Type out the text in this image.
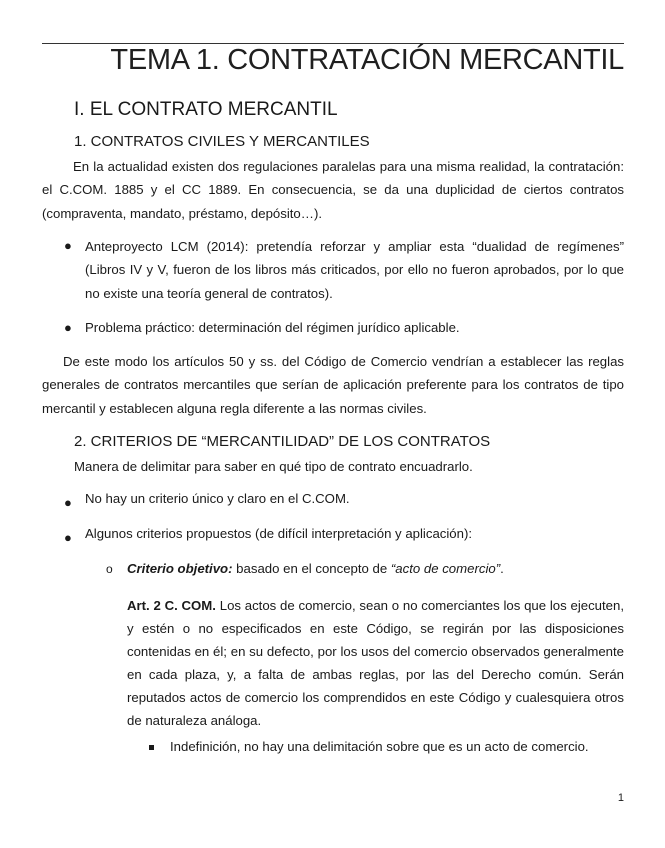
TEMA 1. CONTRATACIÓN MERCANTIL
I. EL CONTRATO MERCANTIL
1. CONTRATOS CIVILES Y MERCANTILES
En la actualidad existen dos regulaciones paralelas para una misma realidad, la contratación: el C.COM. 1885 y el CC 1889. En consecuencia, se da una duplicidad de ciertos contratos (compraventa, mandato, préstamo, depósito…).
● Anteproyecto LCM (2014): pretendía reforzar y ampliar esta “dualidad de regímenes” (Libros IV y V, fueron de los libros más criticados, por ello no fueron aprobados, por lo que no existe una teoría general de contratos).
● Problema práctico: determinación del régimen jurídico aplicable.
De este modo los artículos 50 y ss. del Código de Comercio vendrían a establecer las reglas generales de contratos mercantiles que serían de aplicación preferente para los contratos de tipo mercantil y establecen alguna regla diferente a las normas civiles.
2. CRITERIOS DE “MERCANTILIDAD” DE LOS CONTRATOS
Manera de delimitar para saber en qué tipo de contrato encuadrarlo.
● No hay un criterio único y claro en el C.COM.
● Algunos criterios propuestos (de difícil interpretación y aplicación):
o Criterio objetivo: basado en el concepto de “acto de comercio”.
Art. 2 C. COM. Los actos de comercio, sean o no comerciantes los que los ejecuten, y estén o no especificados en este Código, se regirán por las disposiciones contenidas en él; en su defecto, por los usos del comercio observados generalmente en cada plaza, y, a falta de ambas reglas, por las del Derecho común. Serán reputados actos de comercio los comprendidos en este Código y cualesquiera otros de naturaleza análoga.
Indefinición, no hay una delimitación sobre que es un acto de comercio.
1
